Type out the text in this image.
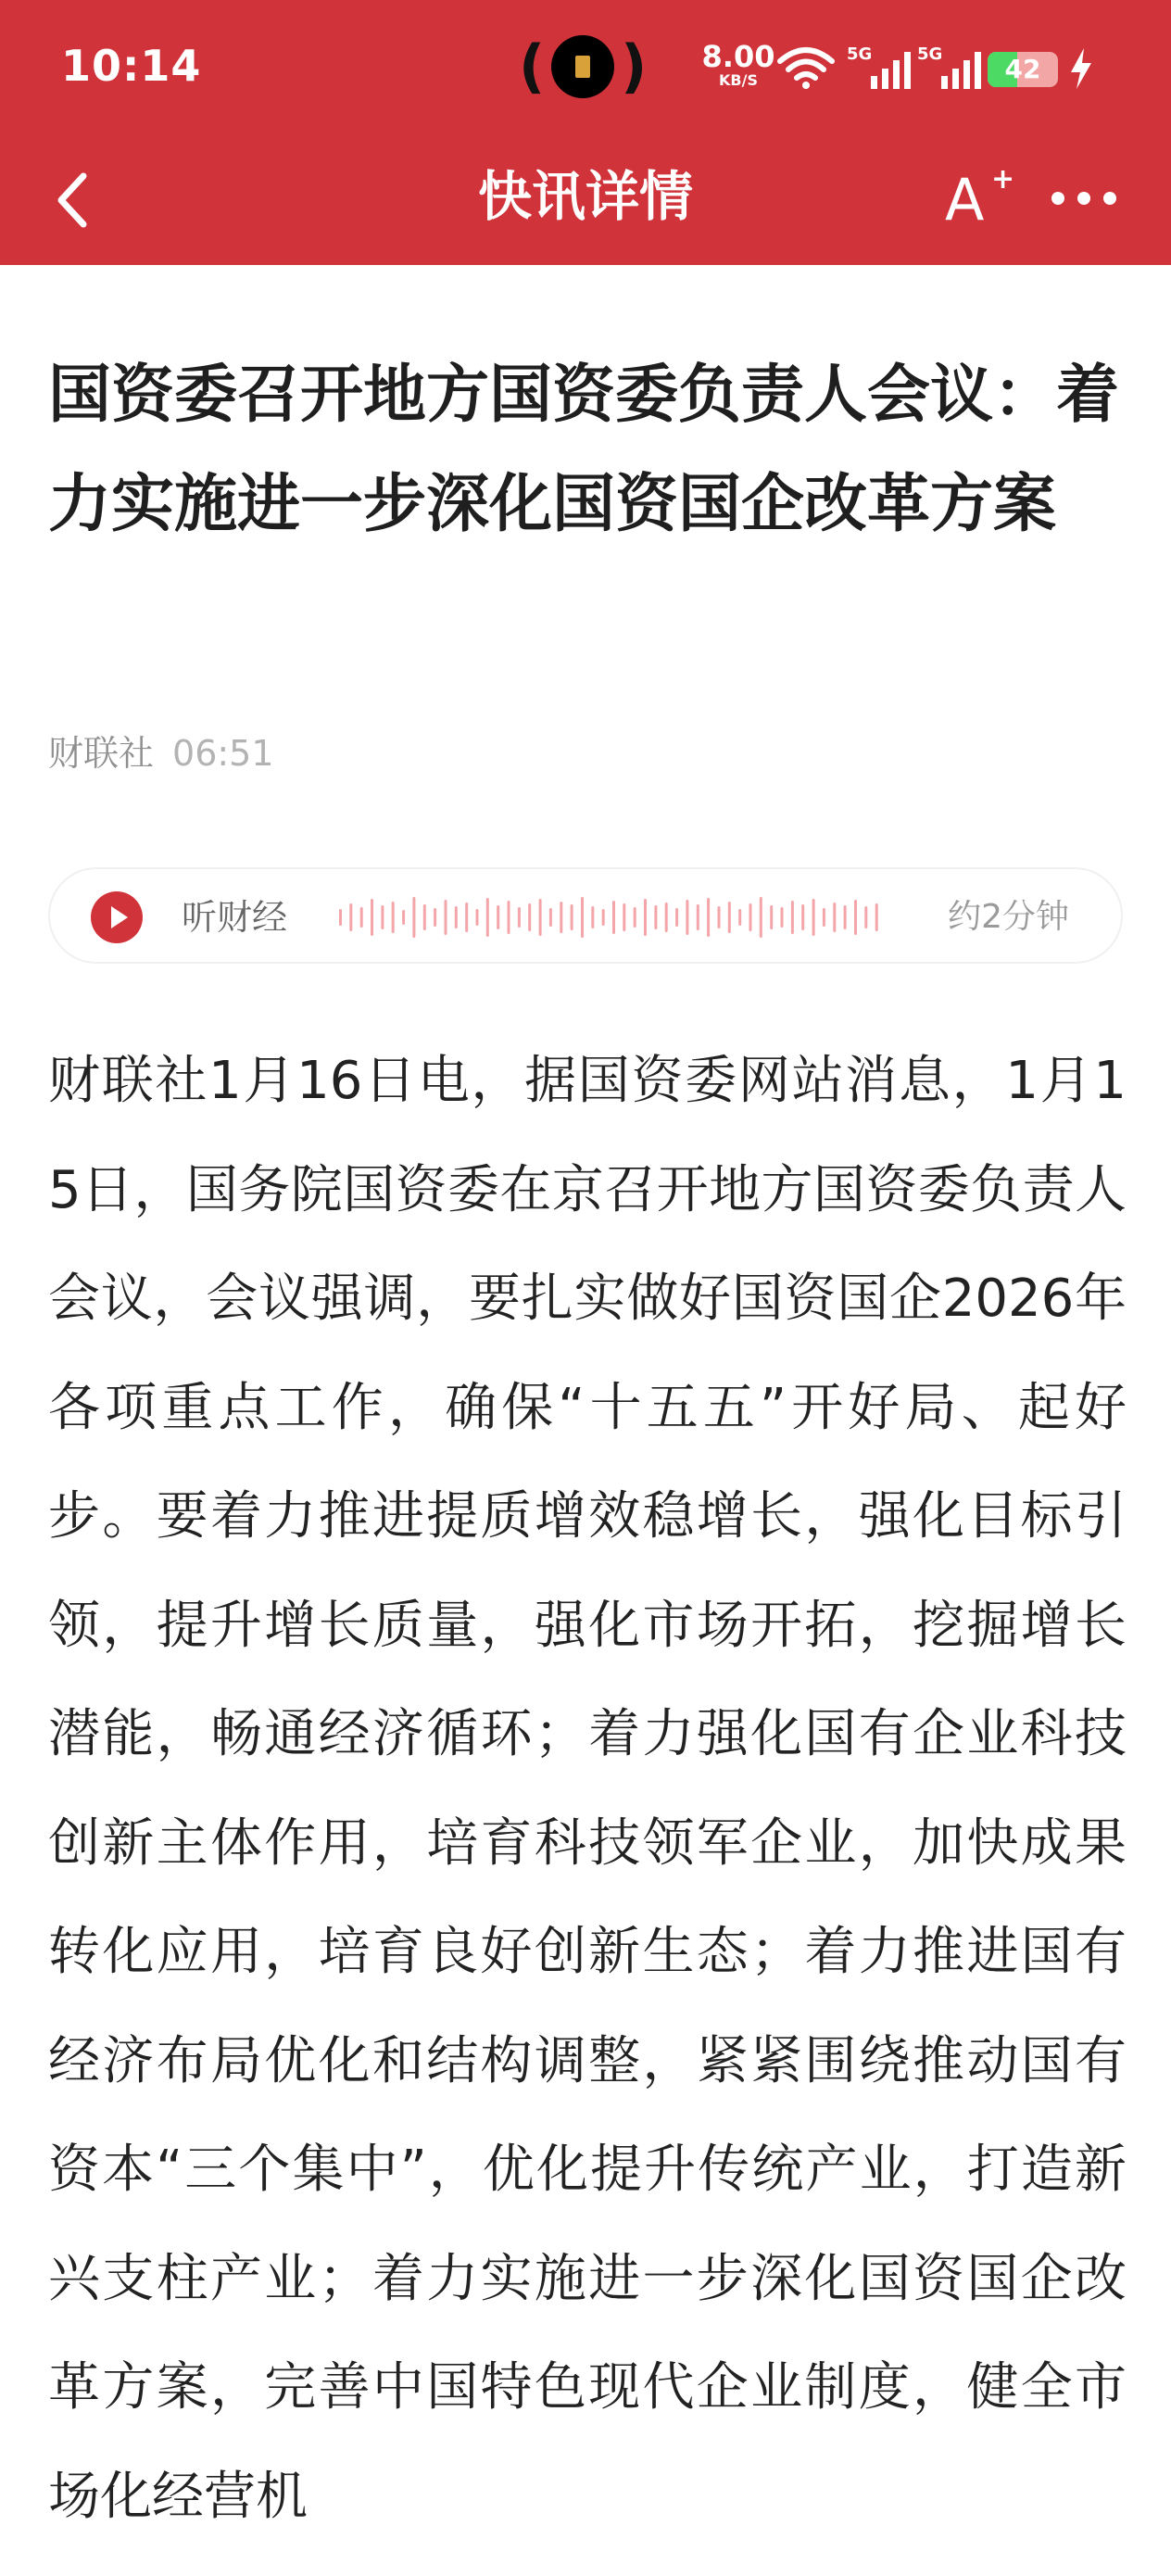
10:14	( ) 8.00
KB/S
5G	5G	42
快讯详情	A +
国资委召开地方国资委负责人会议：着力实施进一步深化国资国企改革方案
财联社 06:51
听财经	约2分钟
财联社1月16日电，据国资委网站消息，1月15日，国务院国资委在京召开地方国资委负责人会议，会议强调，要扎实做好国资国企2026年各项重点工作，确保“十五五”开好局、起好步。要着力推进提质增效稳增长，强化目标引领，提升增长质量，强化市场开拓，挖掘增长潜能，畅通经济循环；着力强化国有企业科技创新主体作用，培育科技领军企业，加快成果转化应用，培育良好创新生态；着力推进国有经济布局优化和结构调整，紧紧围绕推动国有资本“三个集中”，优化提升传统产业，打造新兴支柱产业；着力实施进一步深化国资国企改革方案，完善中国特色现代企业制度，健全市场化经营机
